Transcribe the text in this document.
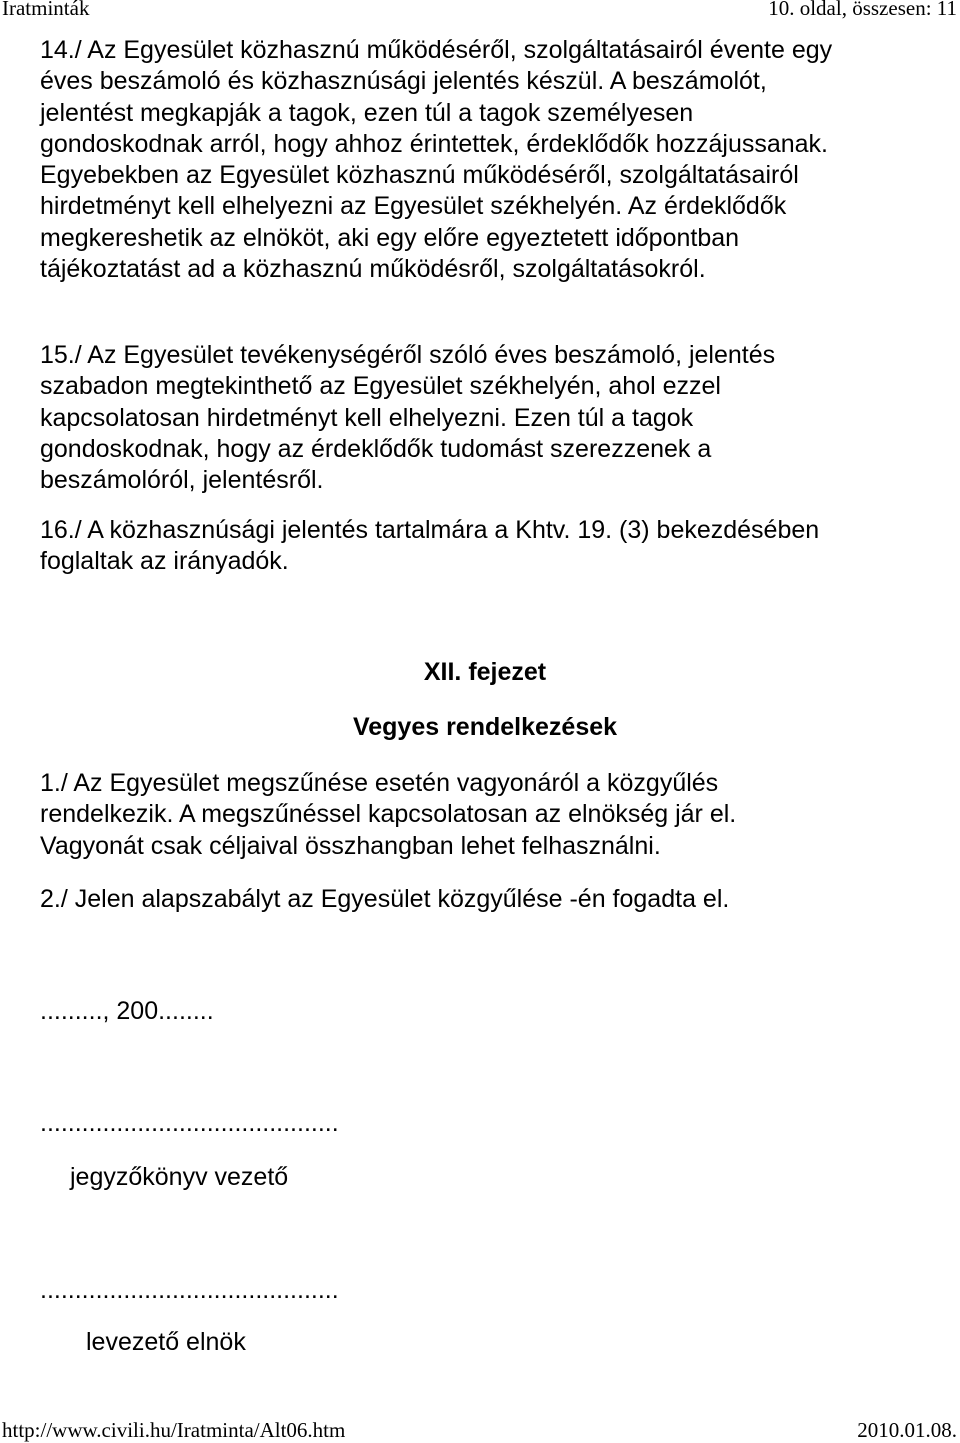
Iratminták	10. oldal, összesen: 11

14./ Az Egyesület közhasznú működéséről, szolgáltatásairól évente egy
éves beszámoló és közhasznúsági jelentés készül. A beszámolót,
jelentést megkapják a tagok, ezen túl a tagok személyesen
gondoskodnak arról, hogy ahhoz érintettek, érdeklődők hozzájussanak.
Egyebekben az Egyesület közhasznú működéséről, szolgáltatásairól
hirdetményt kell elhelyezni az Egyesület székhelyén. Az érdeklődők
megkereshetik az elnököt, aki egy előre egyeztetett időpontban
tájékoztatást ad a közhasznú működésről, szolgáltatásokról.

15./ Az Egyesület tevékenységéről szóló éves beszámoló, jelentés
szabadon megtekinthető az Egyesület székhelyén, ahol ezzel
kapcsolatosan hirdetményt kell elhelyezni. Ezen túl a tagok
gondoskodnak, hogy az érdeklődők tudomást szerezzenek a
beszámolóról, jelentésről.

16./ A közhasznúsági jelentés tartalmára a Khtv. 19. (3) bekezdésében
foglaltak az irányadók.

XII. fejezet
Vegyes rendelkezések

1./ Az Egyesület megszűnése esetén vagyonáról a közgyűlés
rendelkezik. A megszűnéssel kapcsolatosan az elnökség jár el.
Vagyonát csak céljaival összhangban lehet felhasználni.

2./ Jelen alapszabályt az Egyesület közgyűlése -én fogadta el.

........., 200........
...........................................
jegyzőkönyv vezető
...........................................
levezető elnök
http://www.civili.hu/Iratminta/Alt06.htm	2010.01.08.
